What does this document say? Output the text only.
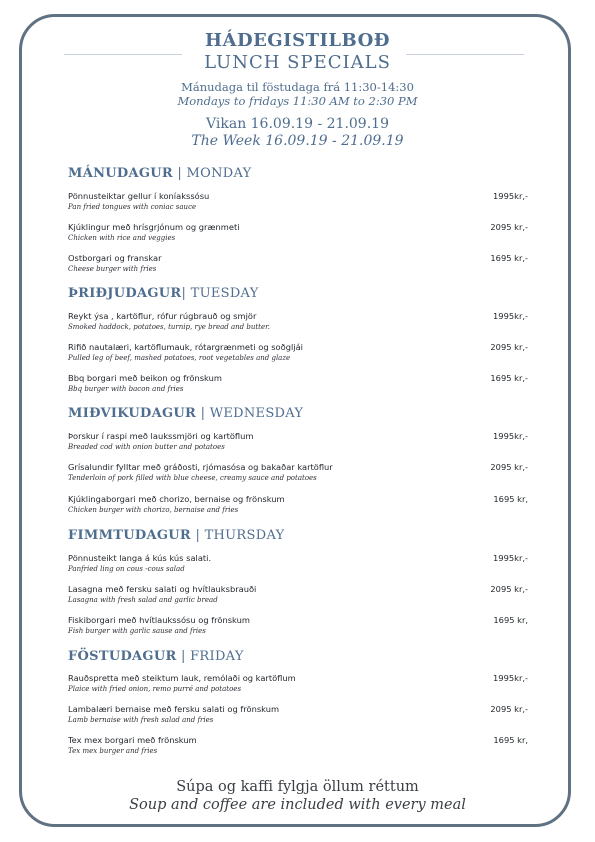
HÁDEGISTILBOÐ
LUNCH SPECIALS
Mánudaga til föstudaga frá 11:30-14:30
Mondays to fridays 11:30 AM to 2:30 PM
Vikan 16.09.19 - 21.09.19
The Week 16.09.19 - 21.09.19
MÁNUDAGUR | MONDAY
Pönnusteiktar gellur í koníakssósu
Pan fried tongues with coniac sauce
1995kr,-
Kjúklingur með hrísgrjónum og grænmeti
Chicken with rice and veggies
2095 kr,-
Ostborgari og franskar
Cheese burger with fries
1695 kr,-
ÞRIÐJUDAGUR| TUESDAY
Reykt ýsa , kartöflur, rófur rúgbrauð og smjör
Smoked haddock, potatoes, turnip, rye bread and butter.
1995kr,-
Rifið nautalæri, kartöflumauk, rótargrænmeti og soðgljái
Pulled leg of beef, mashed potatoes, root vegetables and glaze
2095 kr,-
Bbq borgari með beikon og frönskum
Bbq burger with bacon and fries
1695 kr,-
MIÐVIKUDAGUR | WEDNESDAY
Þorskur í raspi með laukssmjöri og kartöflum
Breaded cod with onion butter and potatoes
1995kr,-
Grísalundir fylltar með gráðosti, rjómasósa og bakaðar kartöflur
Tenderloin of pork filled with blue cheese, creamy sauce and potatoes
2095 kr,-
Kjúklingaborgari með chorizo, bernaise og frönskum
Chicken burger with chorizo, bernaise and fries
1695 kr,
FIMMTUDAGUR | THURSDAY
Pönnusteikt langa á kús kús salati.
Panfried ling on cous -cous salad
1995kr,-
Lasagna með fersku salati og hvítlauksbrauði
Lasagna with fresh salad and garlic bread
2095 kr,-
Fiskiborgari með hvítlaukssósu og frönskum
Fish burger with garlic sause and fries
1695 kr,
FÖSTUDAGUR | FRIDAY
Rauðspretta með steiktum lauk, remólaði og kartöflum
Plaice with fried onion, remo purré and potatoes
1995kr,-
Lambalæri bernaise með fersku salati og frönskum
Lamb bernaise with fresh salad and fries
2095 kr,-
Tex mex borgari með frönskum
Tex mex burger and fries
1695 kr,
Súpa og kaffi fylgja öllum réttum
Soup and coffee are included with every meal
